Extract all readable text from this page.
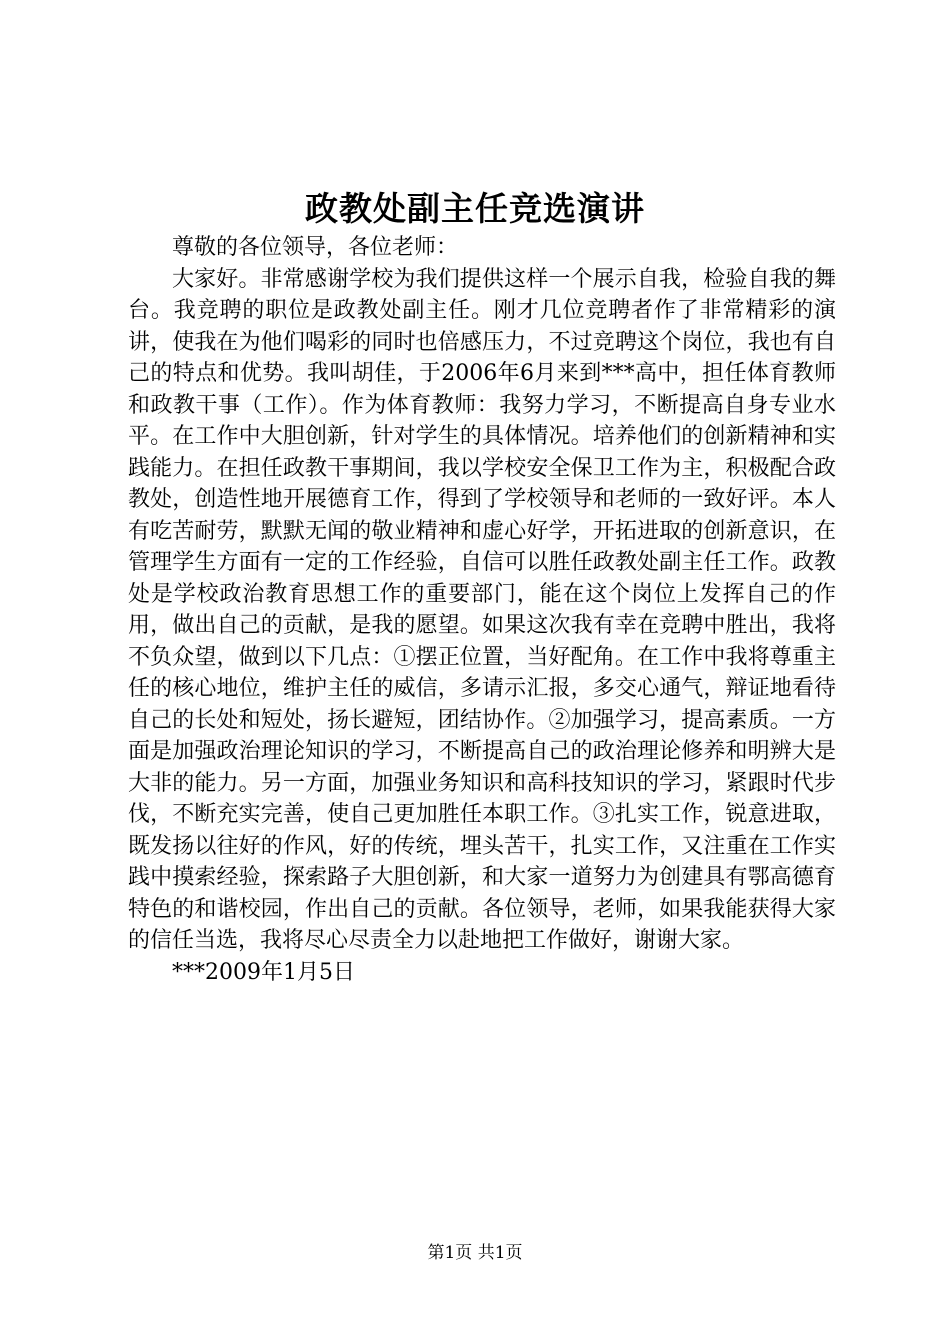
政教处副主任竞选演讲

尊敬的各位领导，各位老师：

大家好。非常感谢学校为我们提供这样一个展示自我，检验自我的舞台。我竞聘的职位是政教处副主任。刚才几位竞聘者作了非常精彩的演讲，使我在为他们喝彩的同时也倍感压力，不过竞聘这个岗位，我也有自己的特点和优势。我叫胡佳，于2006年6月来到***高中，担任体育教师和政教干事（工作）。作为体育教师：我努力学习，不断提高自身专业水平。在工作中大胆创新，针对学生的具体情况。培养他们的创新精神和实践能力。在担任政教干事期间，我以学校安全保卫工作为主，积极配合政教处，创造性地开展德育工作，得到了学校领导和老师的一致好评。本人有吃苦耐劳，默默无闻的敬业精神和虚心好学，开拓进取的创新意识，在管理学生方面有一定的工作经验，自信可以胜任政教处副主任工作。政教处是学校政治教育思想工作的重要部门，能在这个岗位上发挥自己的作用，做出自己的贡献，是我的愿望。如果这次我有幸在竞聘中胜出，我将不负众望，做到以下几点：①摆正位置，当好配角。在工作中我将尊重主任的核心地位，维护主任的威信，多请示汇报，多交心通气，辩证地看待自己的长处和短处，扬长避短，团结协作。②加强学习，提高素质。一方面是加强政治理论知识的学习，不断提高自己的政治理论修养和明辨大是大非的能力。另一方面，加强业务知识和高科技知识的学习，紧跟时代步伐，不断充实完善，使自己更加胜任本职工作。③扎实工作，锐意进取，既发扬以往好的作风，好的传统，埋头苦干，扎实工作，又注重在工作实践中摸索经验，探索路子大胆创新，和大家一道努力为创建具有鄂高德育特色的和谐校园，作出自己的贡献。各位领导，老师，如果我能获得大家的信任当选，我将尽心尽责全力以赴地把工作做好，谢谢大家。

***2009年1月5日

第1页 共1页
